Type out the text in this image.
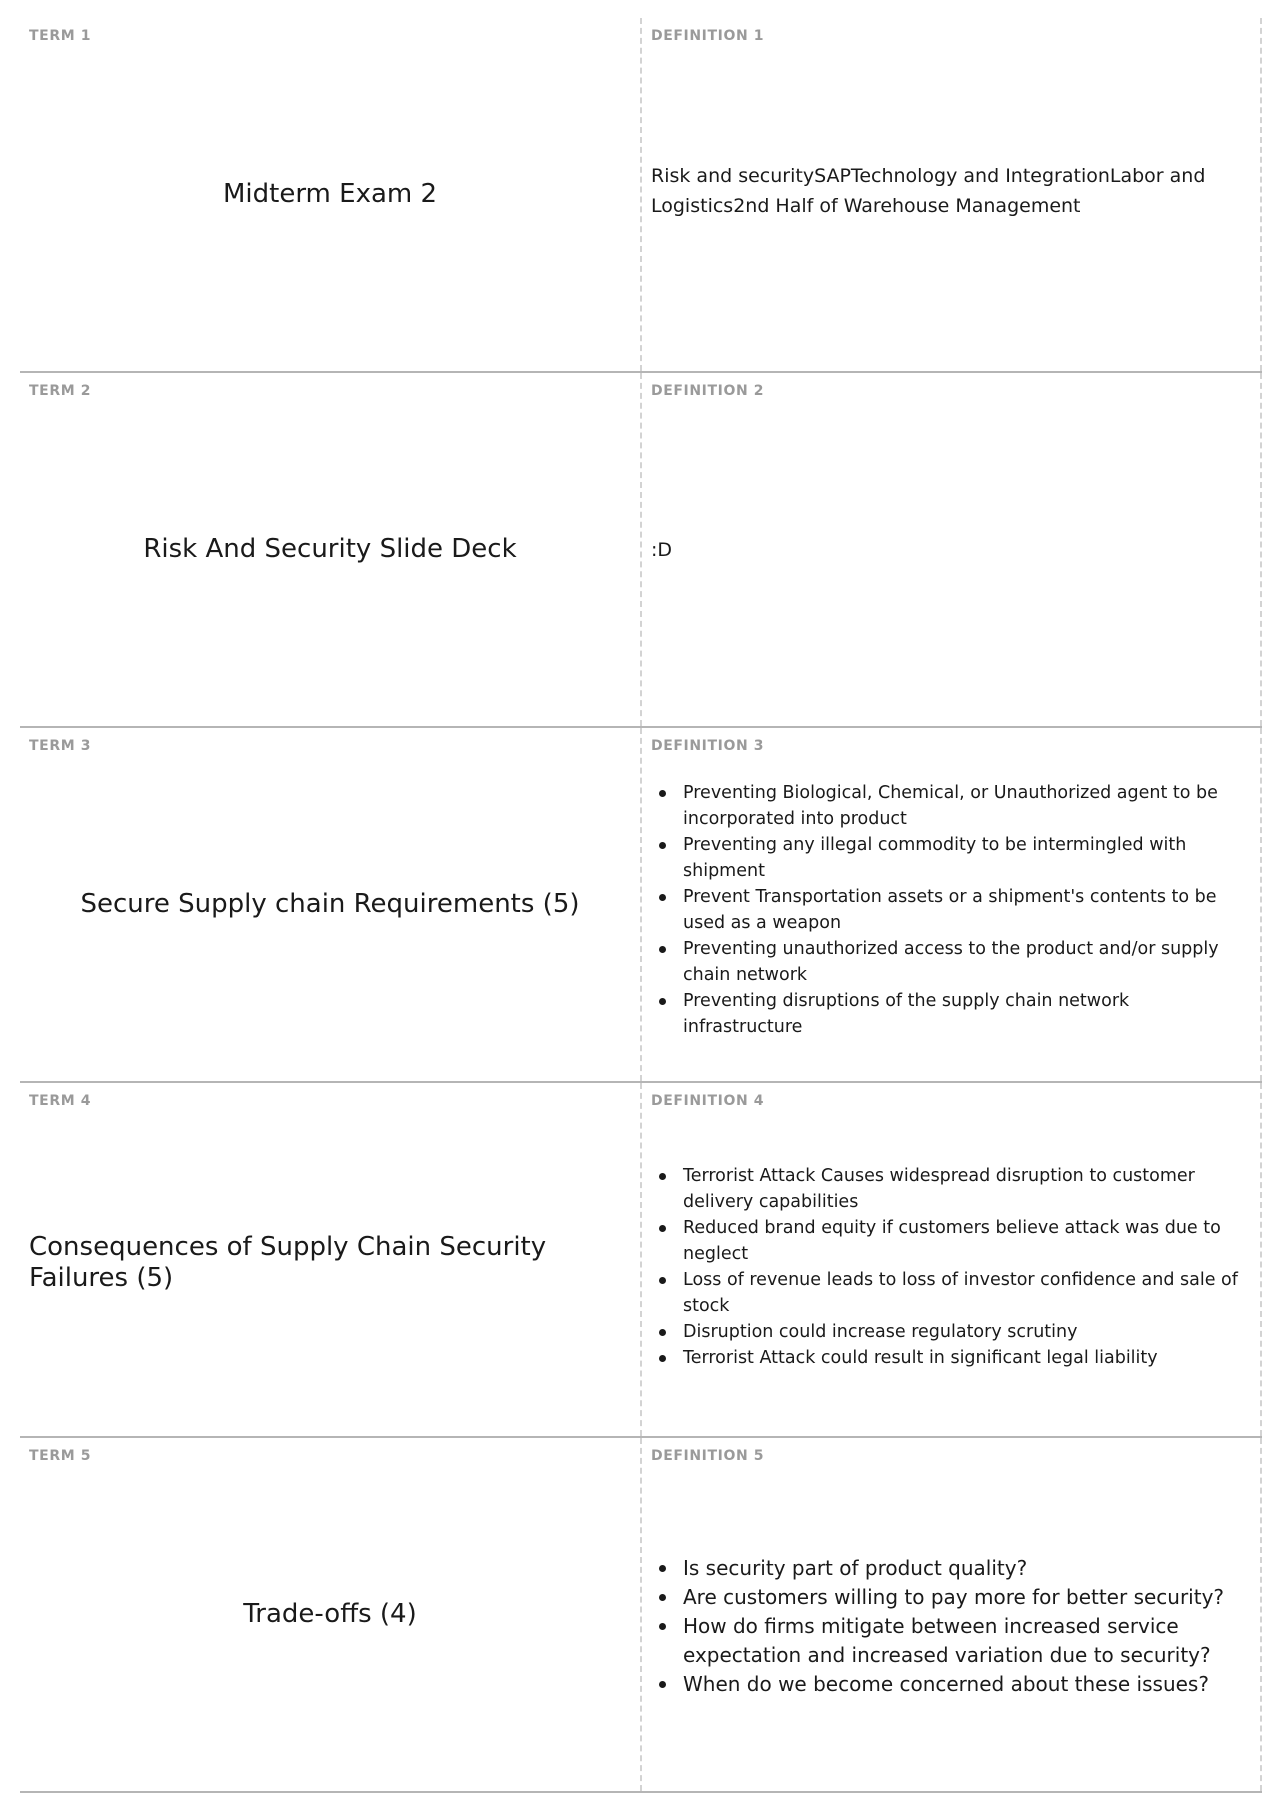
TERM 1
Midterm Exam 2
DEFINITION 1
Risk and securitySAPTechnology and IntegrationLabor and Logistics2nd Half of Warehouse Management
TERM 2
Risk And Security Slide Deck
DEFINITION 2
:D
TERM 3
Secure Supply chain Requirements (5)
DEFINITION 3
Preventing Biological, Chemical, or Unauthorized agent to be incorporated into product
Preventing any illegal commodity to be intermingled with shipment
Prevent Transportation assets or a shipment's contents to be used as a weapon
Preventing unauthorized access to the product and/or supply chain network
Preventing disruptions of the supply chain network infrastructure
TERM 4
Consequences of Supply Chain Security Failures (5)
DEFINITION 4
Terrorist Attack Causes widespread disruption to customer delivery capabilities
Reduced brand equity if customers believe attack was due to neglect
Loss of revenue leads to loss of investor confidence and sale of stock
Disruption could increase regulatory scrutiny
Terrorist Attack could result in significant legal liability
TERM 5
Trade-offs (4)
DEFINITION 5
Is security part of product quality?
Are customers willing to pay more for better security?
How do firms mitigate between increased service expectation and increased variation due to security?
When do we become concerned about these issues?
